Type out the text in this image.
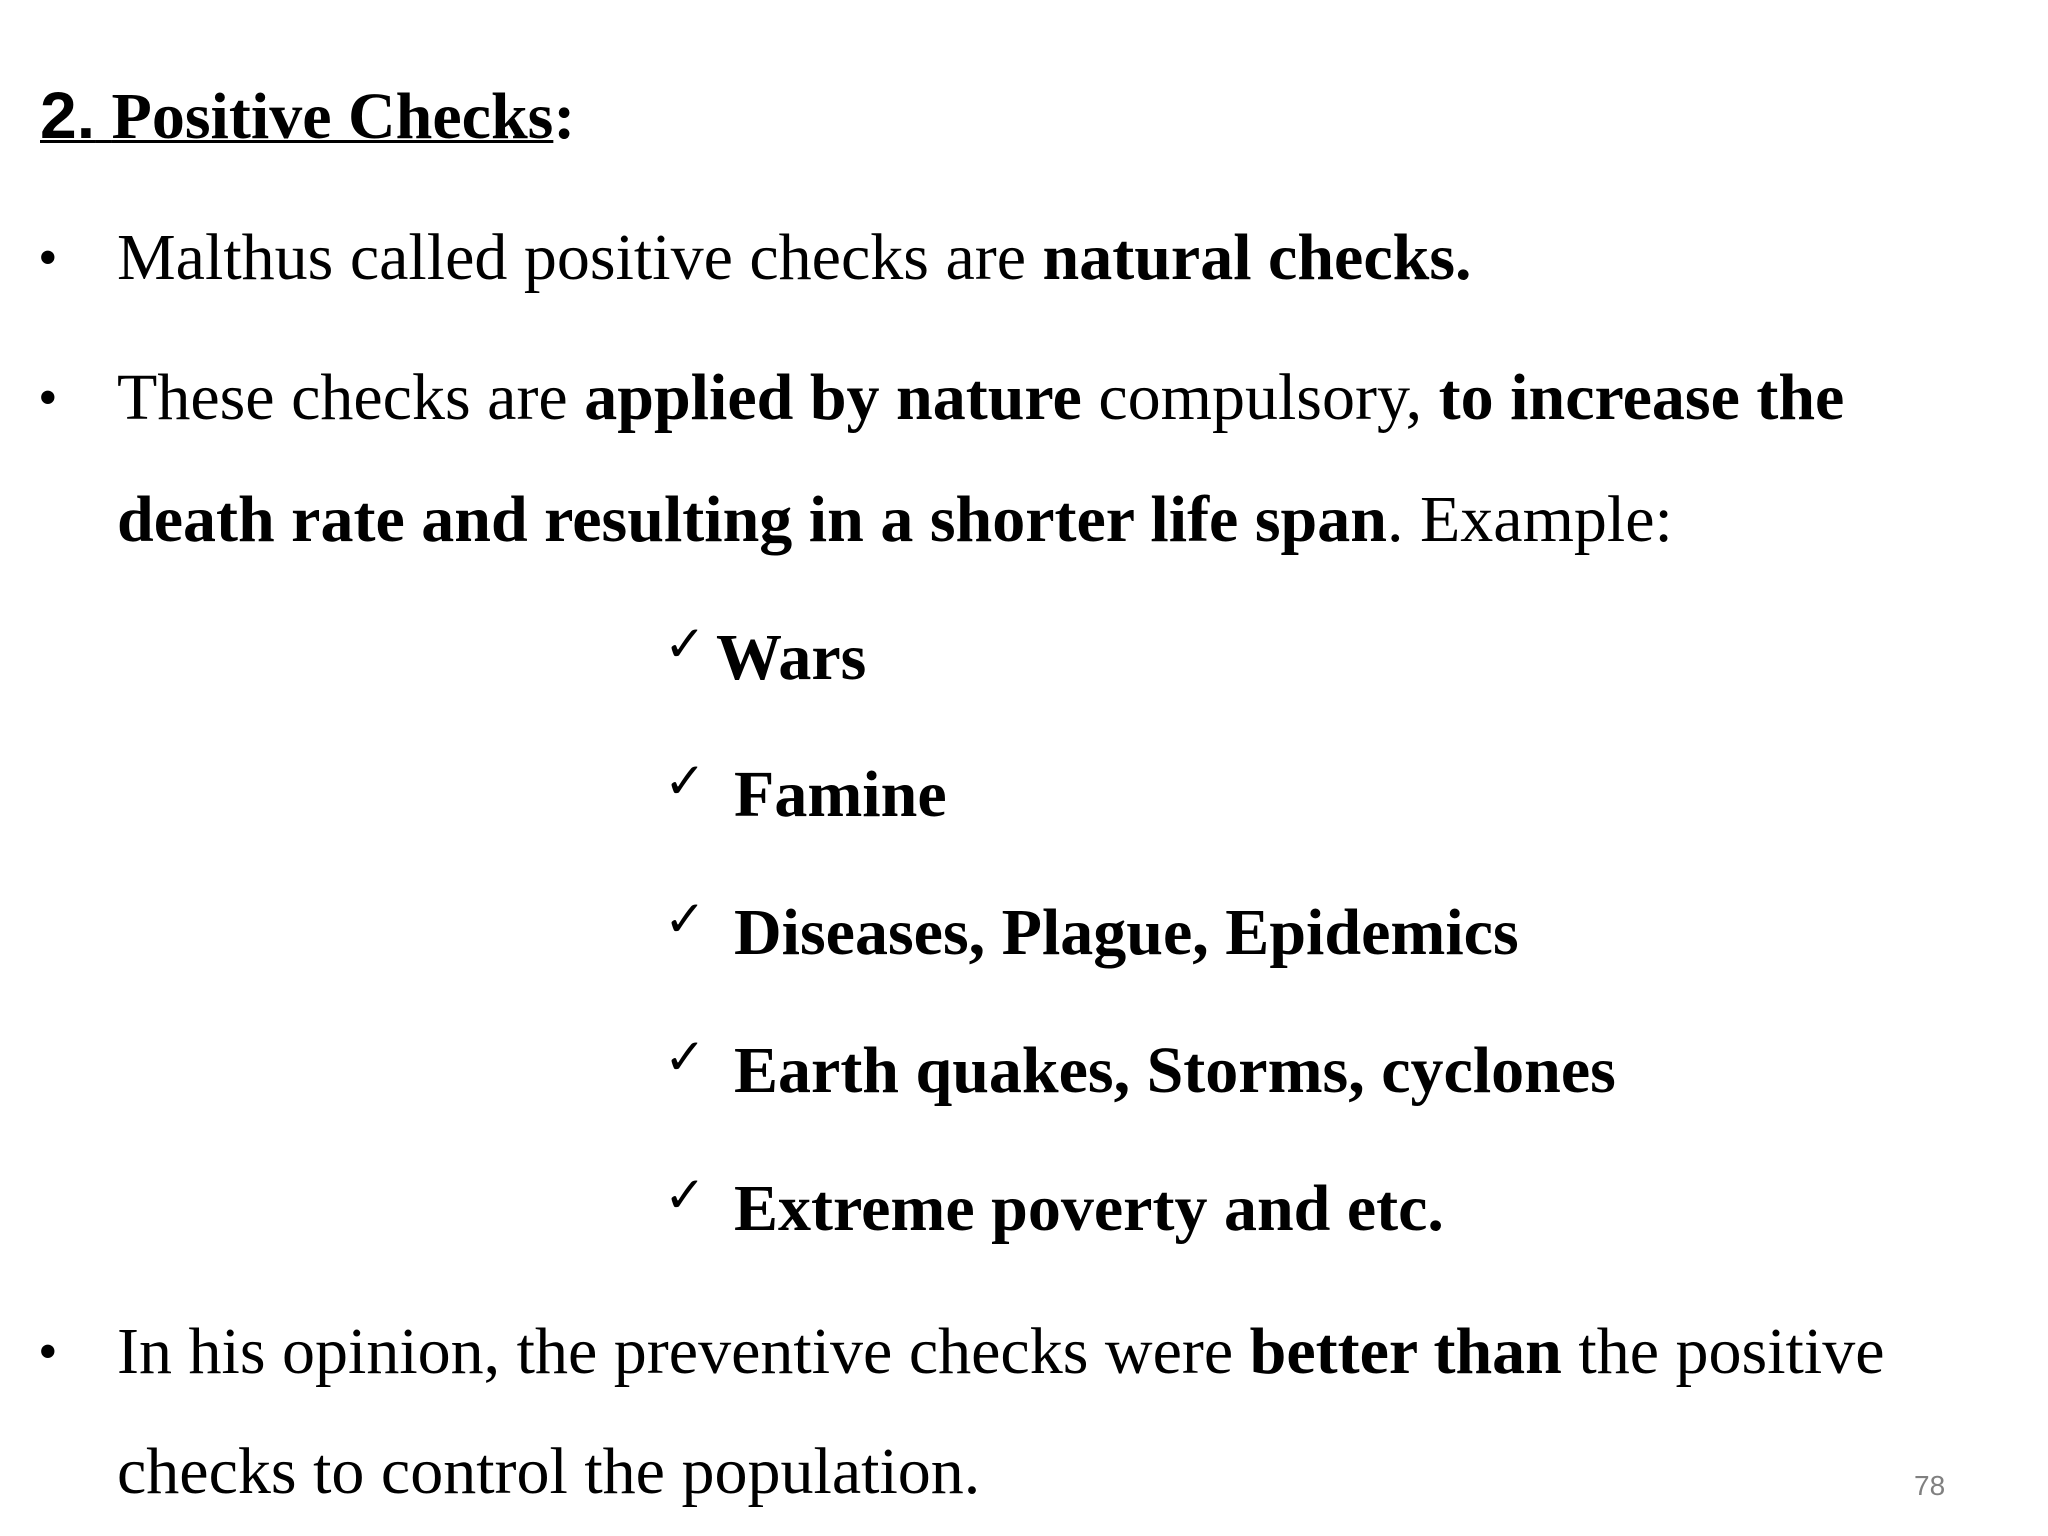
2. Positive Checks:
• Malthus called positive checks are natural checks.
• These checks are applied by nature compulsory, to increase the
death rate and resulting in a shorter life span. Example:
✓ Wars
✓ Famine
✓ Diseases, Plague, Epidemics
✓ Earth quakes, Storms, cyclones
✓ Extreme poverty and etc.
• In his opinion, the preventive checks were better than the positive
checks to control the population.	78
